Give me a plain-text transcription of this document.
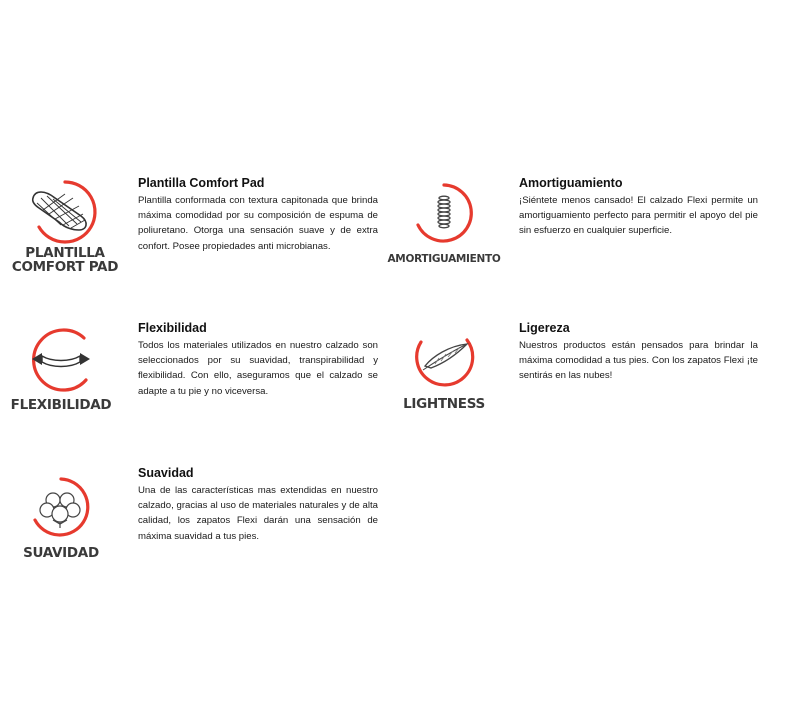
PLANTILLA
COMFORT PAD
Plantilla Comfort Pad

Plantilla conformada con textura capitonada que brinda máxima comodidad por su composición de espuma de poliuretano. Otorga una sensación suave y de extra confort. Posee propiedades anti microbianas.

AMORTIGUAMIENTO
Amortiguamiento

¡Siéntete menos cansado! El calzado Flexi permite un amortiguamiento perfecto para permitir el apoyo del pie sin esfuerzo en cualquier superficie.

FLEXIBILIDAD
Flexibilidad

Todos los materiales utilizados en nuestro calzado son seleccionados por su suavidad, transpirabilidad y flexibilidad. Con ello, aseguramos que el calzado se adapte a tu pie y no viceversa.

LIGHTNESS
Ligereza

Nuestros productos están pensados para brindar la máxima comodidad a tus pies. Con los zapatos Flexi ¡te sentirás en las nubes!

SUAVIDAD
Suavidad

Una de las características mas extendidas en nuestro calzado, gracias al uso de materiales naturales y de alta calidad, los zapatos Flexi darán una sensación de máxima suavidad a tus pies.
